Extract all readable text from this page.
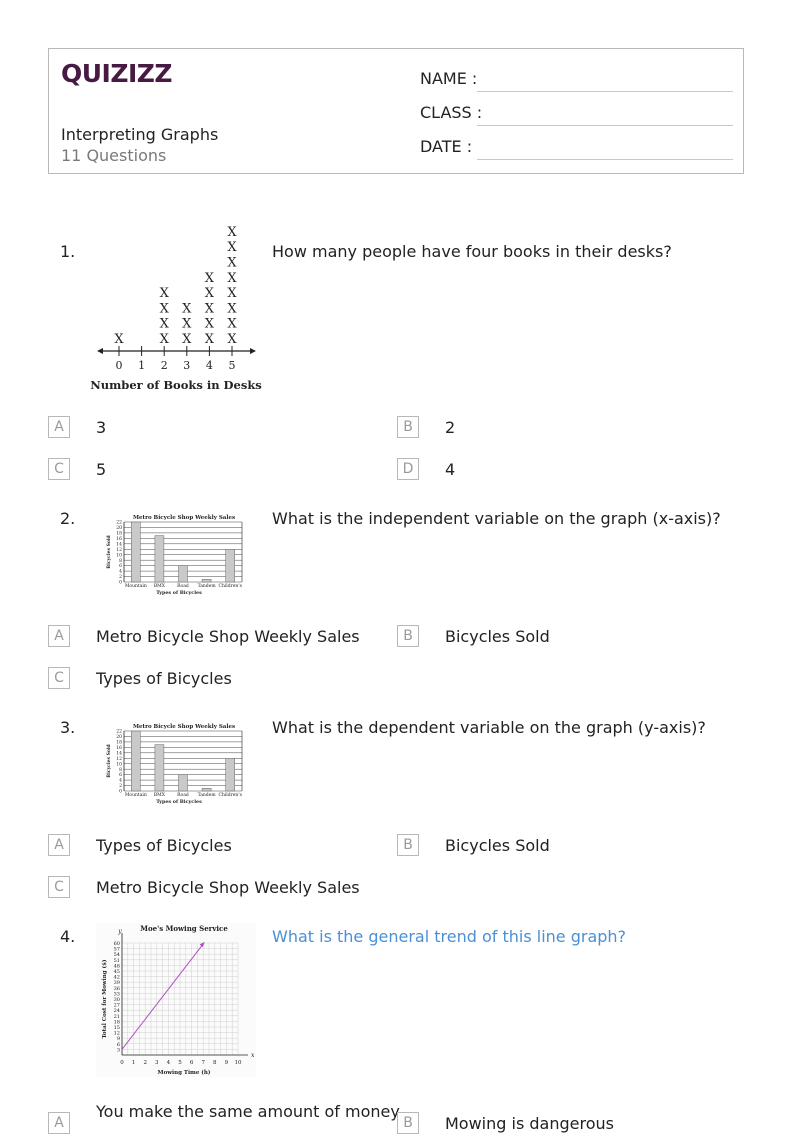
QUIZIZZ
Interpreting Graphs
11 Questions
NAME :
CLASS :
DATE :
1.
0
X
1 2
X
X
X
X
3
X
X
X
4
X
X
X
X
X
5
X
X
X
X
X
X
X
X
Number of Books in Desks
How many people have four books in their desks?
A	3	B	2
C	5	D	4
2.	Metro Bicycle Shop Weekly Sales
0
2
4
6
8
10
12
14
16
18
20
22
Bicycles Sold
Mountain BMX	Road Tandem Children's
Types of Bicycles
What is the independent variable on the graph (x-axis)?
A	Metro Bicycle Shop Weekly Sales	B	Bicycles Sold
C	Types of Bicycles
3.	Metro Bicycle Shop Weekly Sales
0
2
4
6
8
10
12
14
16
18
20
22
Bicycles Sold
Mountain BMX	Road Tandem Children's
Types of Bicycles
What is the dependent variable on the graph (y-axis)?
A	Types of Bicycles	B	Bicycles Sold
C	Metro Bicycle Shop Weekly Sales
4.	Moe's Mowing Service
x
y
0 1 2 3 4 5 6 7 8 9 10
3
6
9
12
15
18
21
24
27
30
33
36
39
42
45
48
51
54
57
60
Mowing Time (h)
Total Cost for Mowing ($)
What is the general trend of this line graph?
A
You make the same amount of money
B	Mowing is dangerous
